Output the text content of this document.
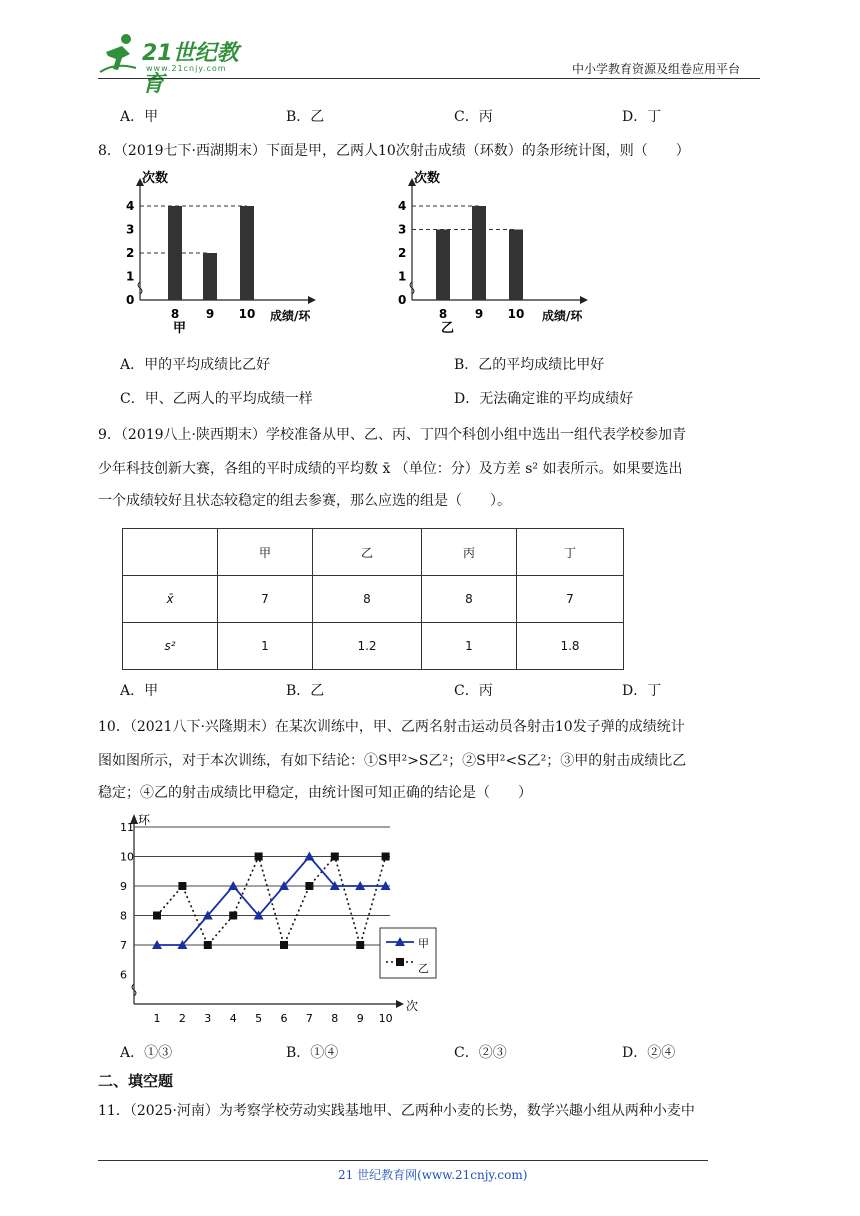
21世纪教育
www.21cnjy.com	中小学教育资源及组卷应用平台
A．甲	B．乙	C．丙	D．丁
8．（2019七下·西湖期末）下面是甲，乙两人10次射击成绩（环数）的条形统计图，则（　　）
次数
成绩/环
0
1
2
3
4
8 9 10
甲
次数
成绩/环
0
1
2
3
4
8 9 10
乙
A．甲的平均成绩比乙好	B．乙的平均成绩比甲好
C．甲、乙两人的平均成绩一样	D．无法确定谁的平均成绩好
9．（2019八上·陕西期末）学校准备从甲、乙、丙、丁四个科创小组中选出一组代表学校参加青
少年科技创新大赛，各组的平时成绩的平均数 x̄ （单位：分）及方差 s² 如表所示。如果要选出
一个成绩较好且状态较稳定的组去参赛，那么应选的组是（　　）。
	甲	乙	丙	丁
x̄	7	8	8	7
s²	1	1.2	1	1.8
A．甲	B．乙	C．丙	D．丁
10．（2021八下·兴隆期末）在某次训练中，甲、乙两名射击运动员各射击10发子弹的成绩统计
图如图所示，对于本次训练，有如下结论：①S甲²>S乙²；②S甲²<S乙²；③甲的射击成绩比乙
稳定；④乙的射击成绩比甲稳定，由统计图可知正确的结论是（　　）
环
次
6
7
8
9
10
11
1 2 3 4 5 6 7 8 9 10
甲
乙
A．①③	B．①④	C．②③	D．②④
二、填空题
11．（2025·河南）为考察学校劳动实践基地甲、乙两种小麦的长势，数学兴趣小组从两种小麦中
21 世纪教育网(www.21cnjy.com)
